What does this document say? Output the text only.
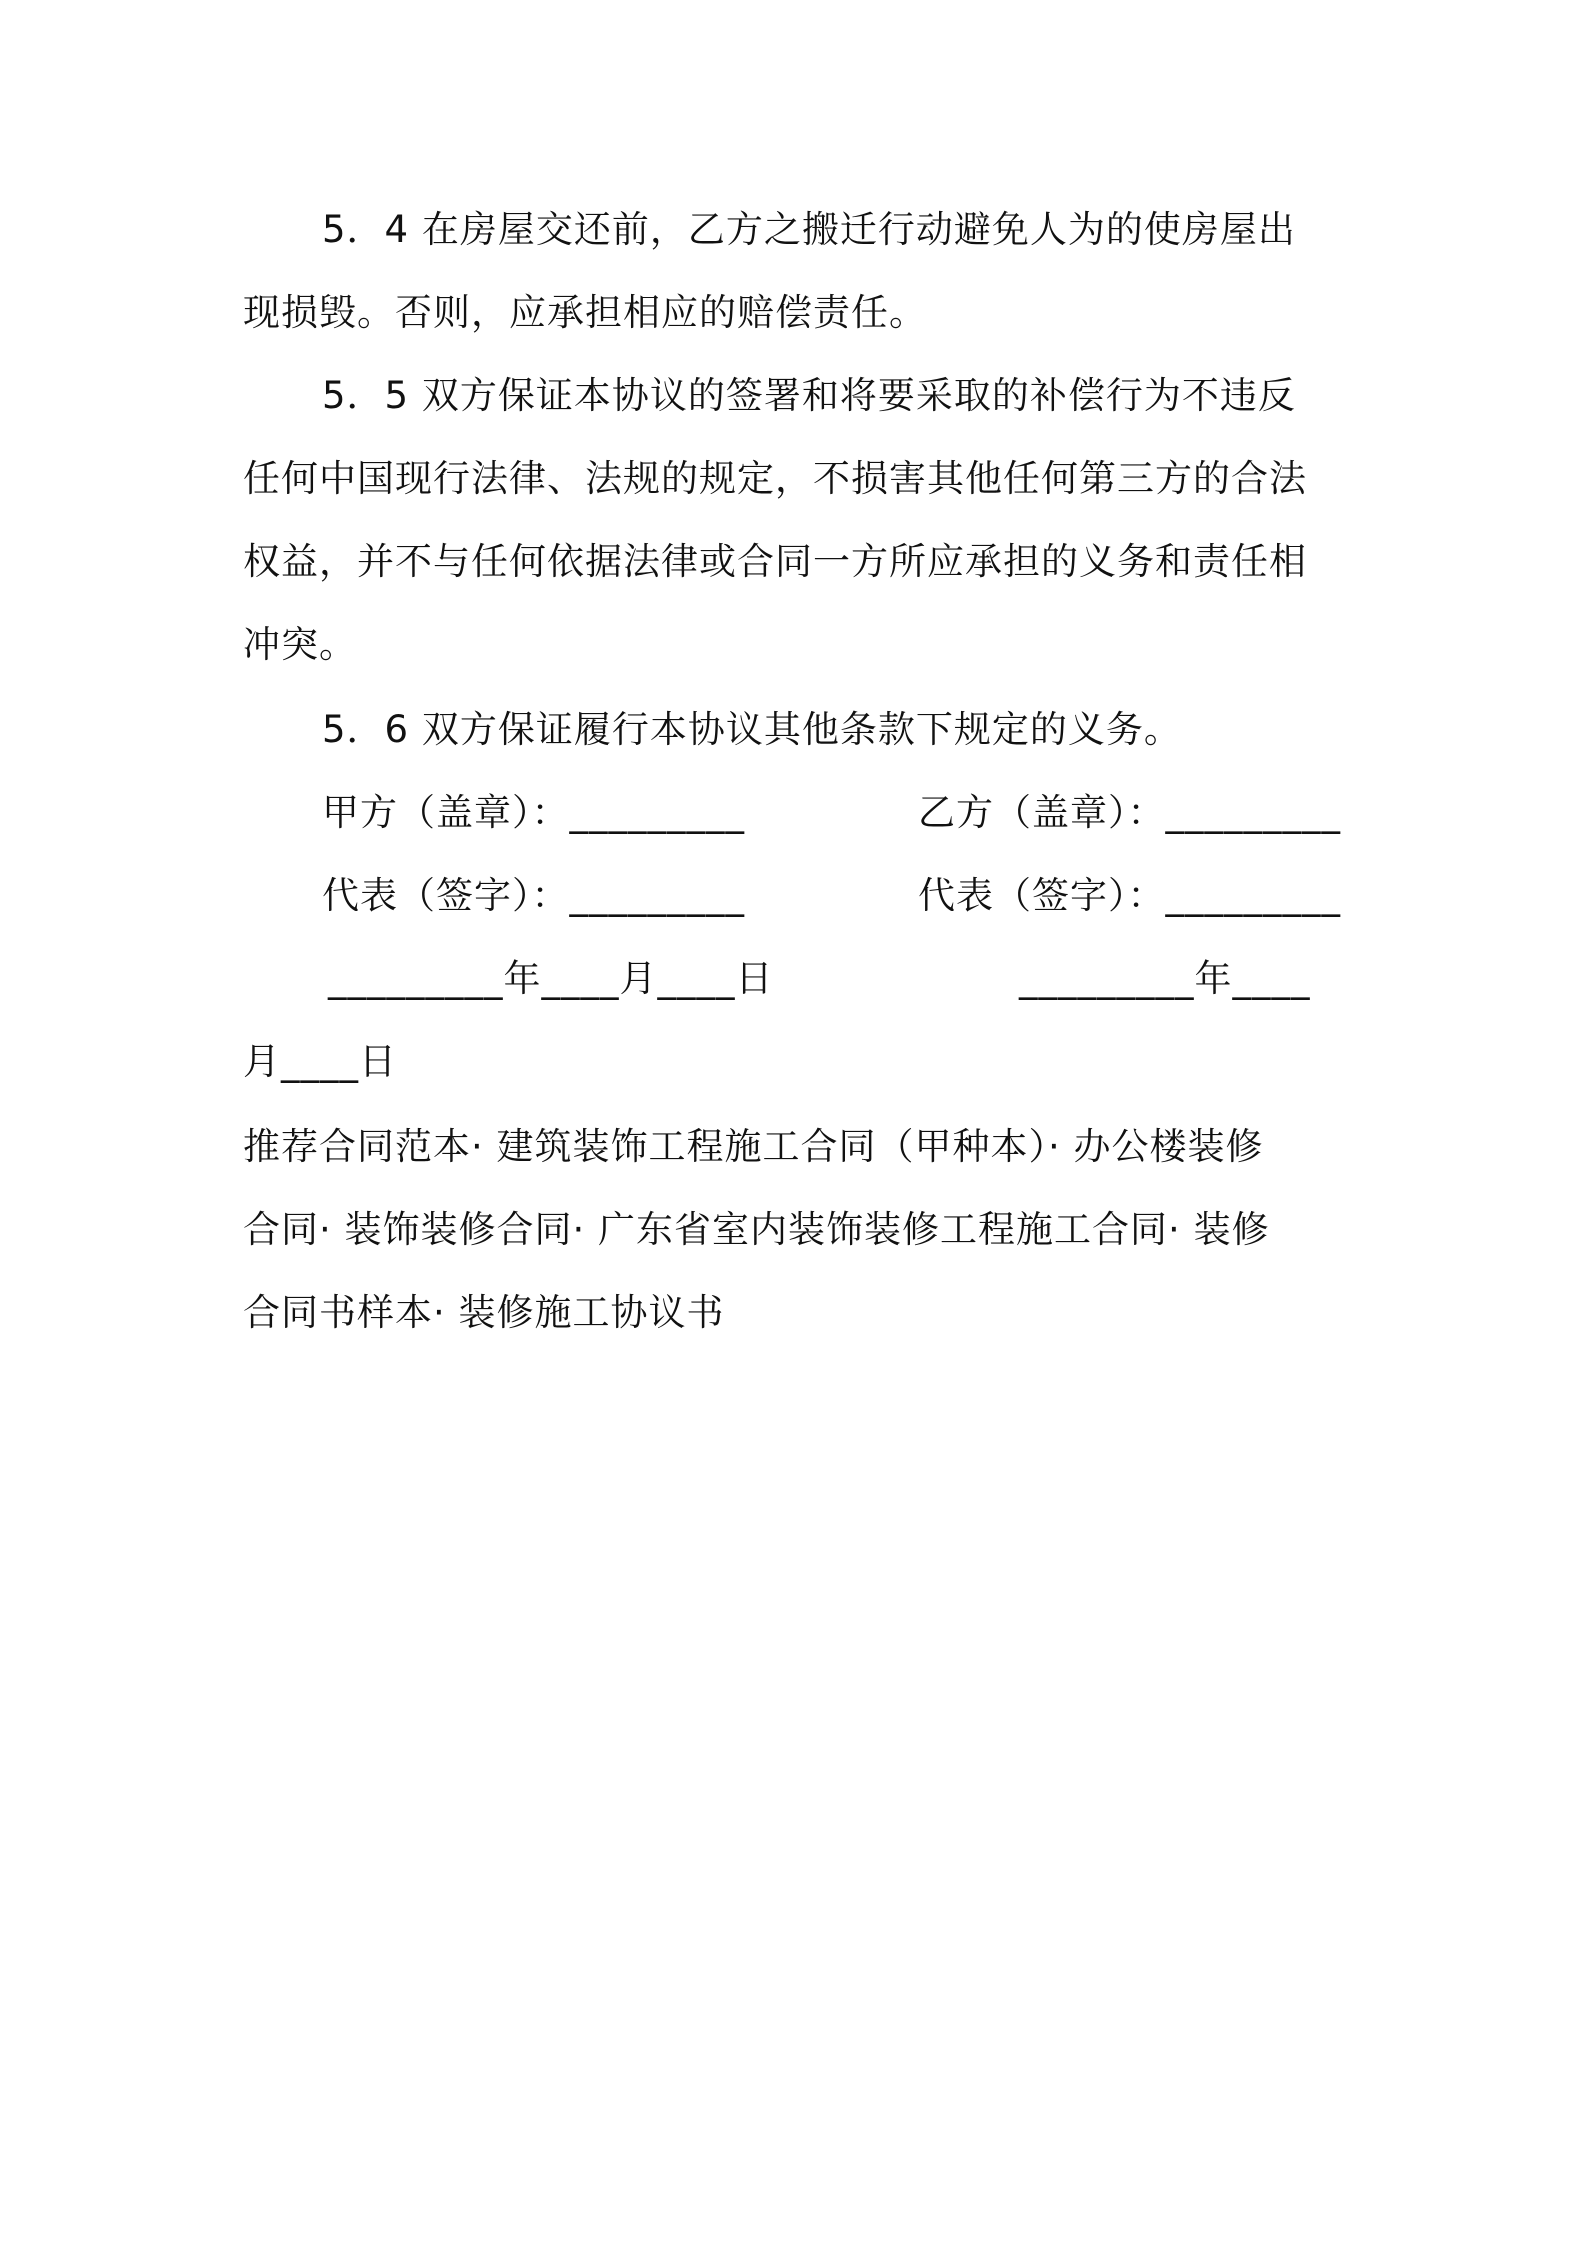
5．4 在房屋交还前，乙方之搬迁行动避免人为的使房屋出
现损毁。否则，应承担相应的赔偿责任。
5．5 双方保证本协议的签署和将要采取的补偿行为不违反
任何中国现行法律、法规的规定，不损害其他任何第三方的合法
权益，并不与任何依据法律或合同一方所应承担的义务和责任相
冲突。
5．6 双方保证履行本协议其他条款下规定的义务。
甲方（盖章）：_________	乙方（盖章）：_________
代表（签字）：_________	代表（签字）：_________
_________年____月____日	_________年____
月____日
推荐合同范本· 建筑装饰工程施工合同（甲种本）· 办公楼装修
合同· 装饰装修合同· 广东省室内装饰装修工程施工合同· 装修
合同书样本· 装修施工协议书
